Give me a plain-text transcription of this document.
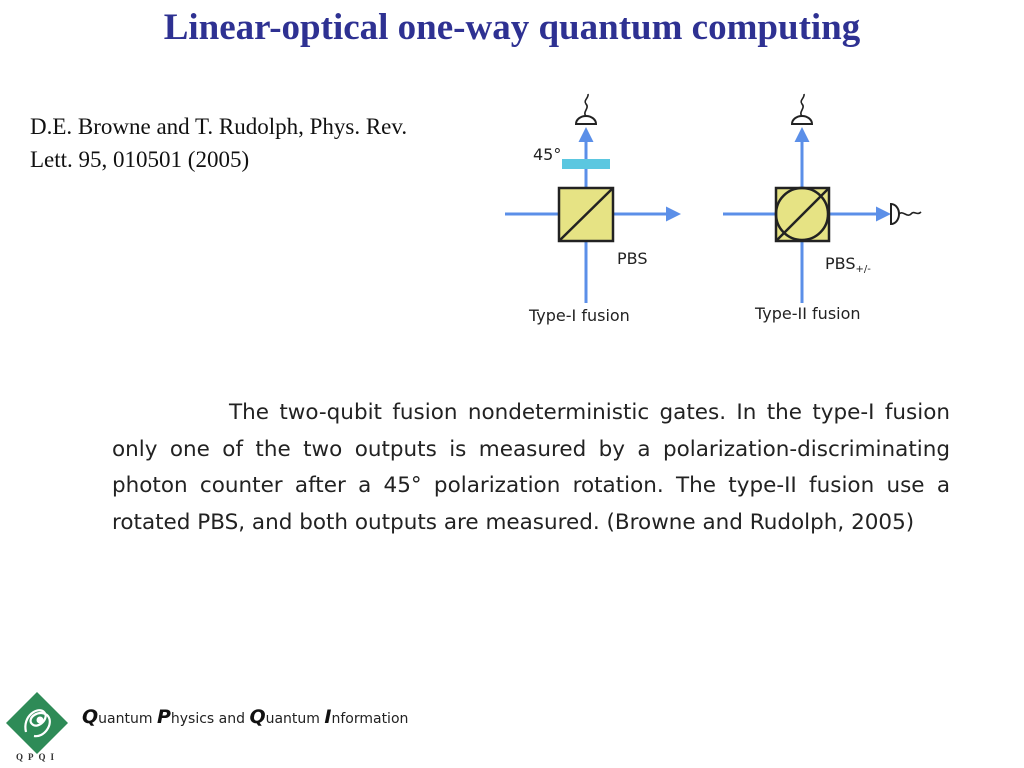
Linear-optical one-way quantum computing
D.E. Browne and T. Rudolph, Phys. Rev.
Lett. 95, 010501 (2005)	45°
PBS
Type-I fusion
PBS+/-
Type-II fusion
The two-qubit fusion nondeterministic gates. In the type-I fusion only one of the two outputs is measured by a polarization-discriminating photon counter after a 45° polarization rotation. The type-II fusion use a rotated PBS, and both outputs are measured. (Browne and Rudolph, 2005)
QPQI
Quantum Physics and Quantum Information
